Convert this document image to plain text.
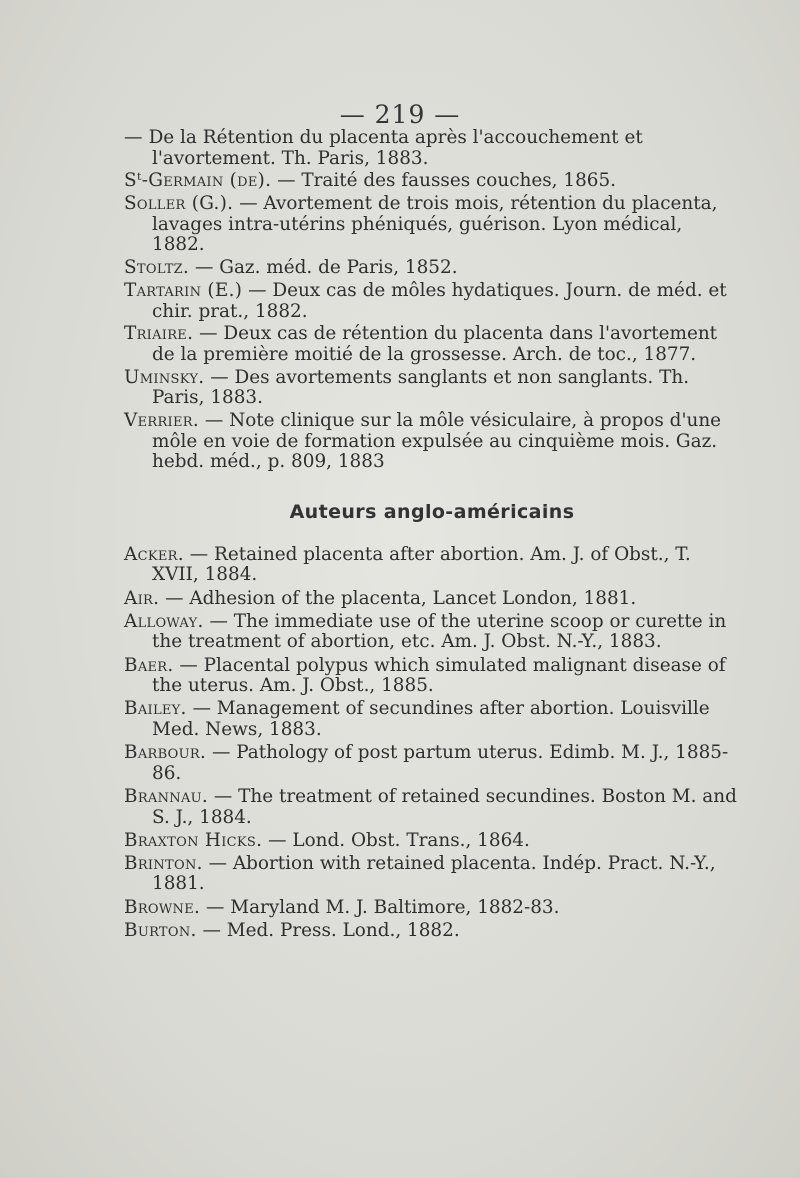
— 219 —
— De la Rétention du placenta après l'accouchement et l'avortement. Th. Paris, 1883.
Sᵗ-Germain (de). — Traité des fausses couches, 1865.
Soller (G.). — Avortement de trois mois, rétention du placenta, lavages intra-utérins phéniqués, guérison. Lyon médical, 1882.
Stoltz. — Gaz. méd. de Paris, 1852.
Tartarin (E.) — Deux cas de môles hydatiques. Journ. de méd. et chir. prat., 1882.
Triaire. — Deux cas de rétention du placenta dans l'avortement de la première moitié de la grossesse. Arch. de toc., 1877.
Uminsky. — Des avortements sanglants et non sanglants. Th. Paris, 1883.
Verrier. — Note clinique sur la môle vésiculaire, à propos d'une môle en voie de formation expulsée au cinquième mois. Gaz. hebd. méd., p. 809, 1883
Auteurs anglo-américains
Acker. — Retained placenta after abortion. Am. J. of Obst., T. XVII, 1884.
Air. — Adhesion of the placenta, Lancet London, 1881.
Alloway. — The immediate use of the uterine scoop or curette in the treatment of abortion, etc. Am. J. Obst. N.-Y., 1883.
Baer. — Placental polypus which simulated malignant disease of the uterus. Am. J. Obst., 1885.
Bailey. — Management of secundines after abortion. Louisville Med. News, 1883.
Barbour. — Pathology of post partum uterus. Edimb. M. J., 1885-86.
Brannau. — The treatment of retained secundines. Boston M. and S. J., 1884.
Braxton Hicks. — Lond. Obst. Trans., 1864.
Brinton. — Abortion with retained placenta. Indép. Pract. N.-Y., 1881.
Browne. — Maryland M. J. Baltimore, 1882-83.
Burton. — Med. Press. Lond., 1882.
